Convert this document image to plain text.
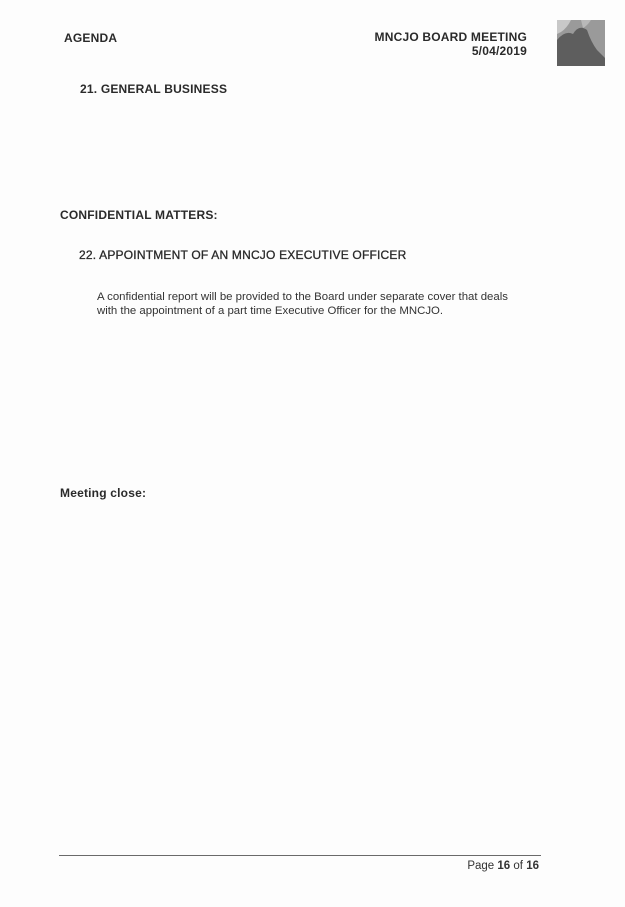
AGENDA	MNCJO BOARD MEETING
5/04/2019
21. GENERAL BUSINESS
CONFIDENTIAL MATTERS:
22. APPOINTMENT OF AN MNCJO EXECUTIVE OFFICER

A confidential report will be provided to the Board under separate cover that deals

with the appointment of a part time Executive Officer for the MNCJO.

Meeting close:
Page 16 of 16
